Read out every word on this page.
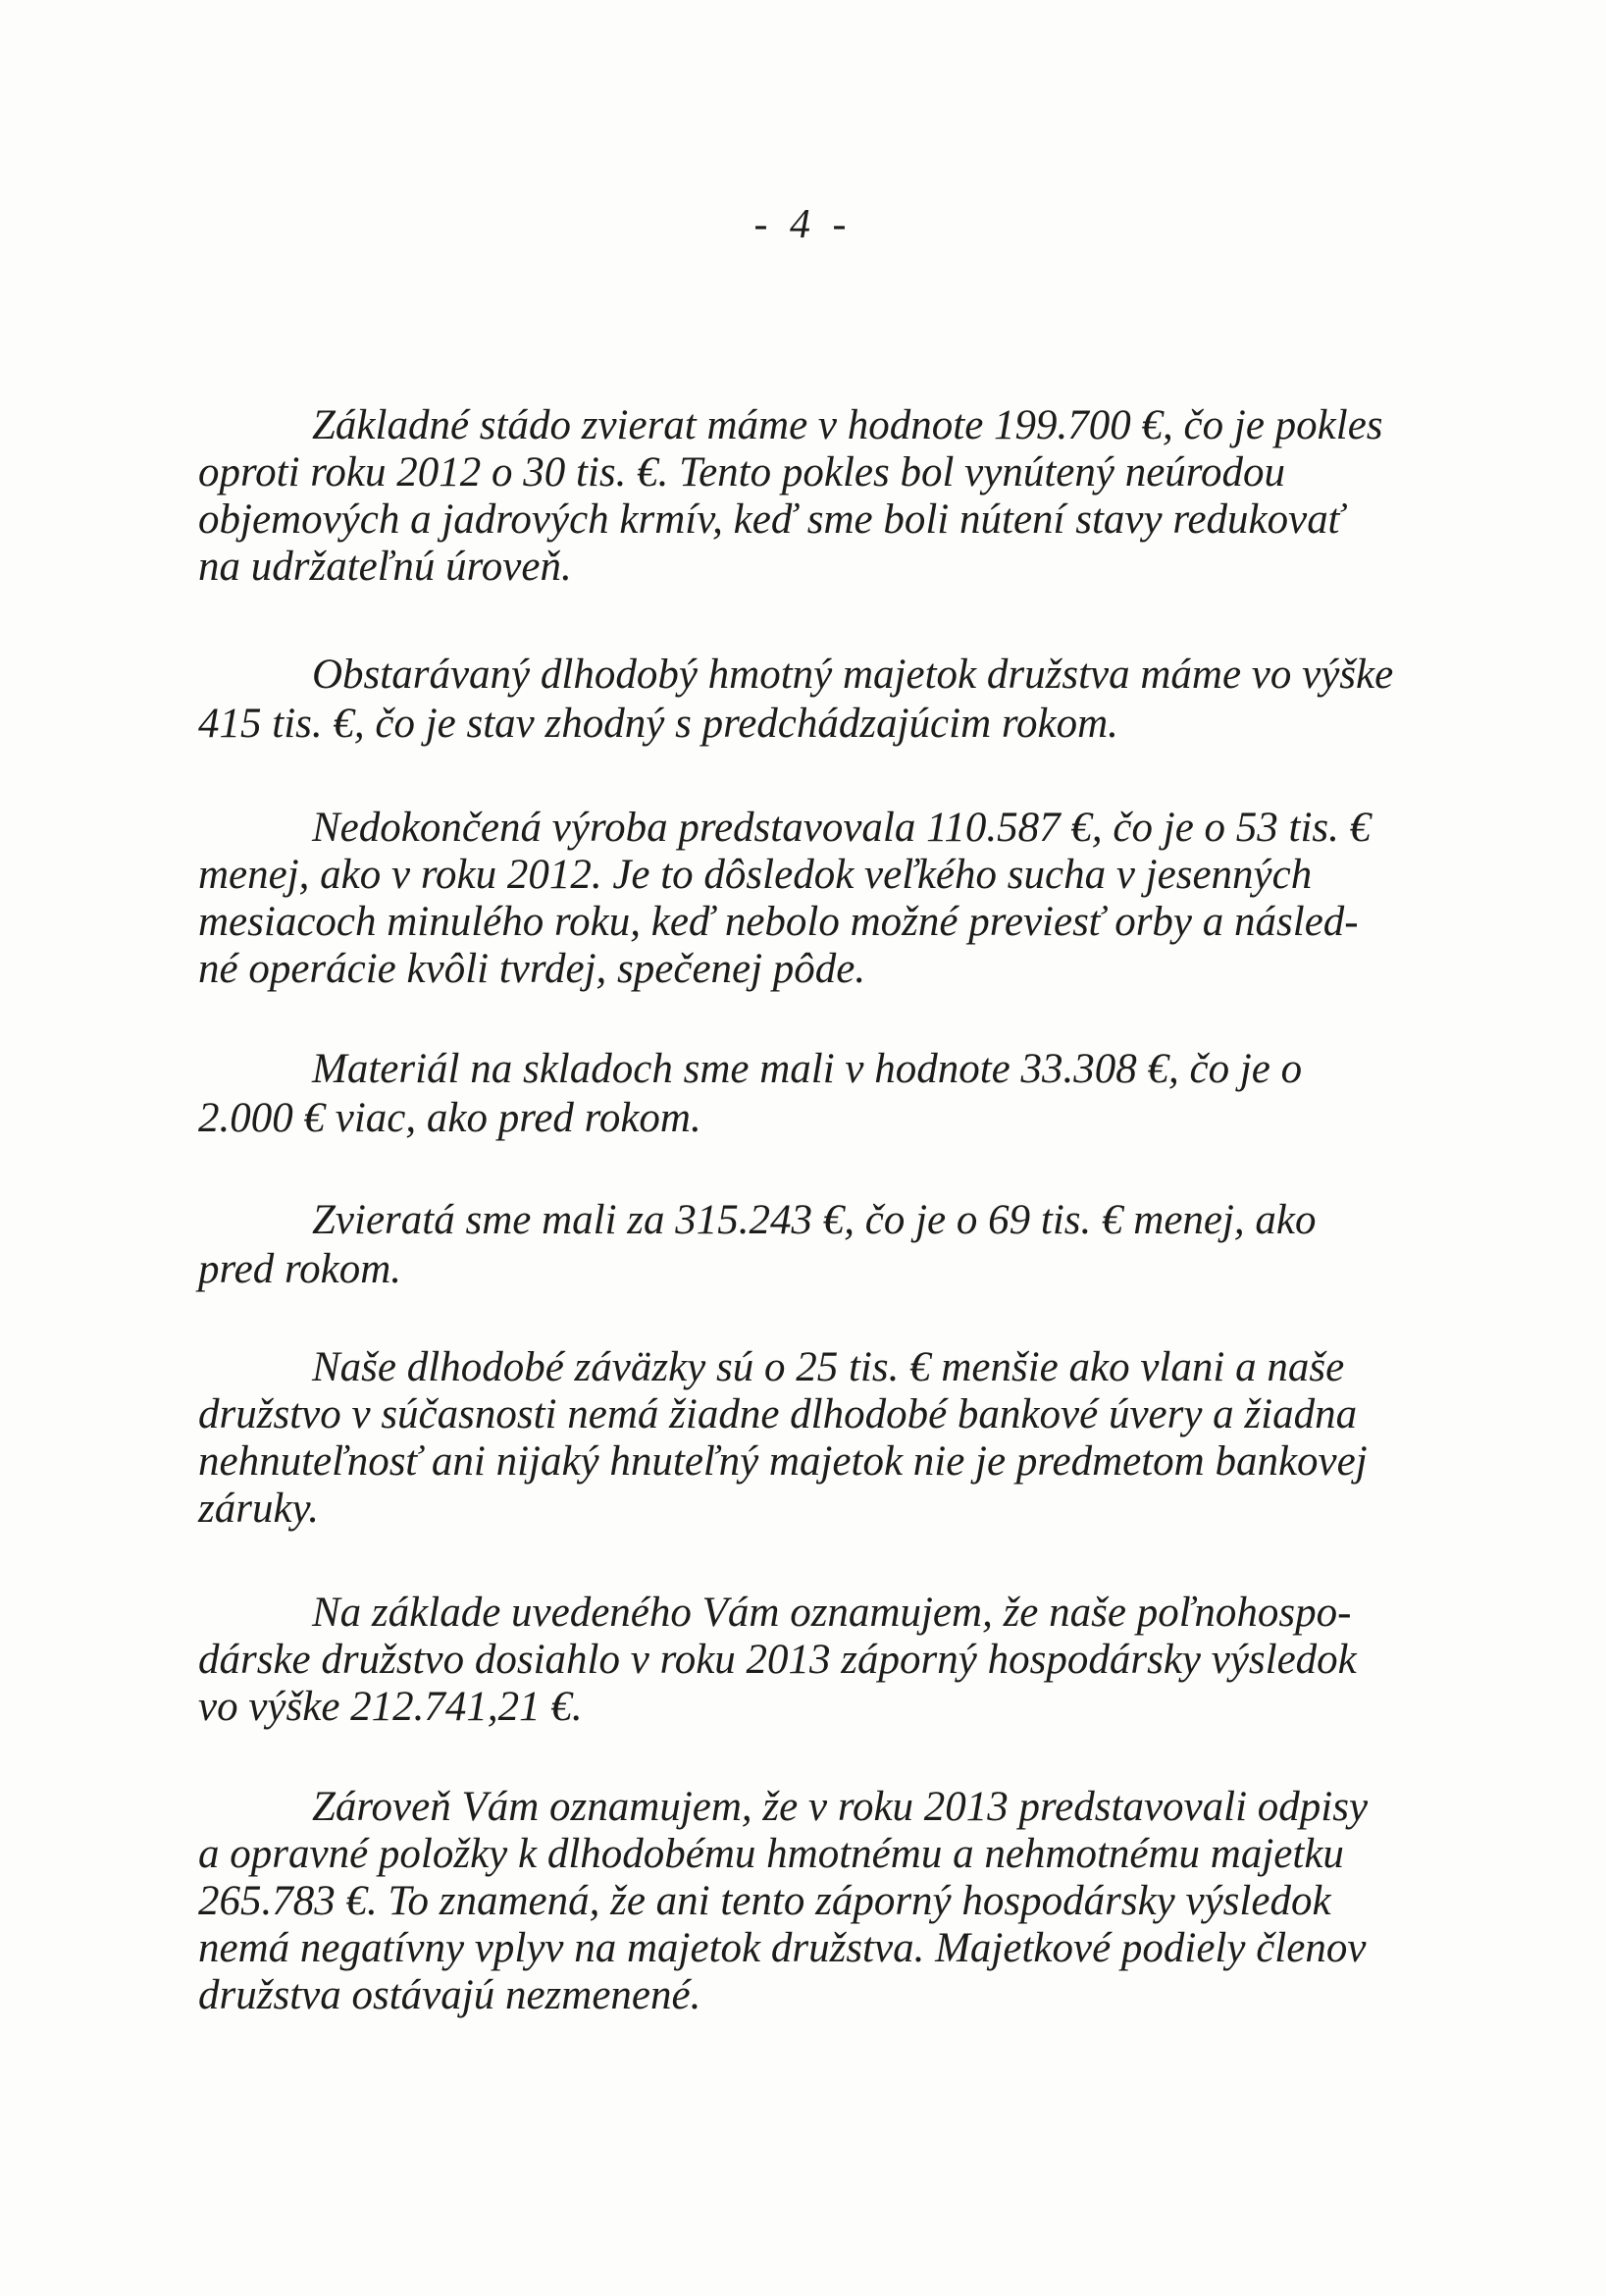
- 4 -
Základné stádo zvierat máme v hodnote 199.700 €, čo je pokles
oproti roku 2012 o 30 tis. €. Tento pokles bol vynútený neúrodou
objemových a jadrových krmív, keď sme boli nútení stavy redukovať
na udržateľnú úroveň.
Obstarávaný dlhodobý hmotný majetok družstva máme vo výške
415 tis. €, čo je stav zhodný s predchádzajúcim rokom.
Nedokončená výroba predstavovala 110.587 €, čo je o 53 tis. €
menej, ako v roku 2012. Je to dôsledok veľkého sucha v jesenných
mesiacoch minulého roku, keď nebolo možné previesť orby a násled-
né operácie kvôli tvrdej, spečenej pôde.
Materiál na skladoch sme mali v hodnote 33.308 €, čo je o
2.000 € viac, ako pred rokom.
Zvieratá sme mali za 315.243 €, čo je o 69 tis. € menej, ako
pred rokom.
Naše dlhodobé záväzky sú o 25 tis. € menšie ako vlani a naše
družstvo v súčasnosti nemá žiadne dlhodobé bankové úvery a žiadna
nehnuteľnosť ani nijaký hnuteľný majetok nie je predmetom bankovej
záruky.
Na základe uvedeného Vám oznamujem, že naše poľnohospo-
dárske družstvo dosiahlo v roku 2013 záporný hospodársky výsledok
vo výške 212.741,21 €.
Zároveň Vám oznamujem, že v roku 2013 predstavovali odpisy
a opravné položky k dlhodobému hmotnému a nehmotnému majetku
265.783 €. To znamená, že ani tento záporný hospodársky výsledok
nemá negatívny vplyv na majetok družstva. Majetkové podiely členov
družstva ostávajú nezmenené.
